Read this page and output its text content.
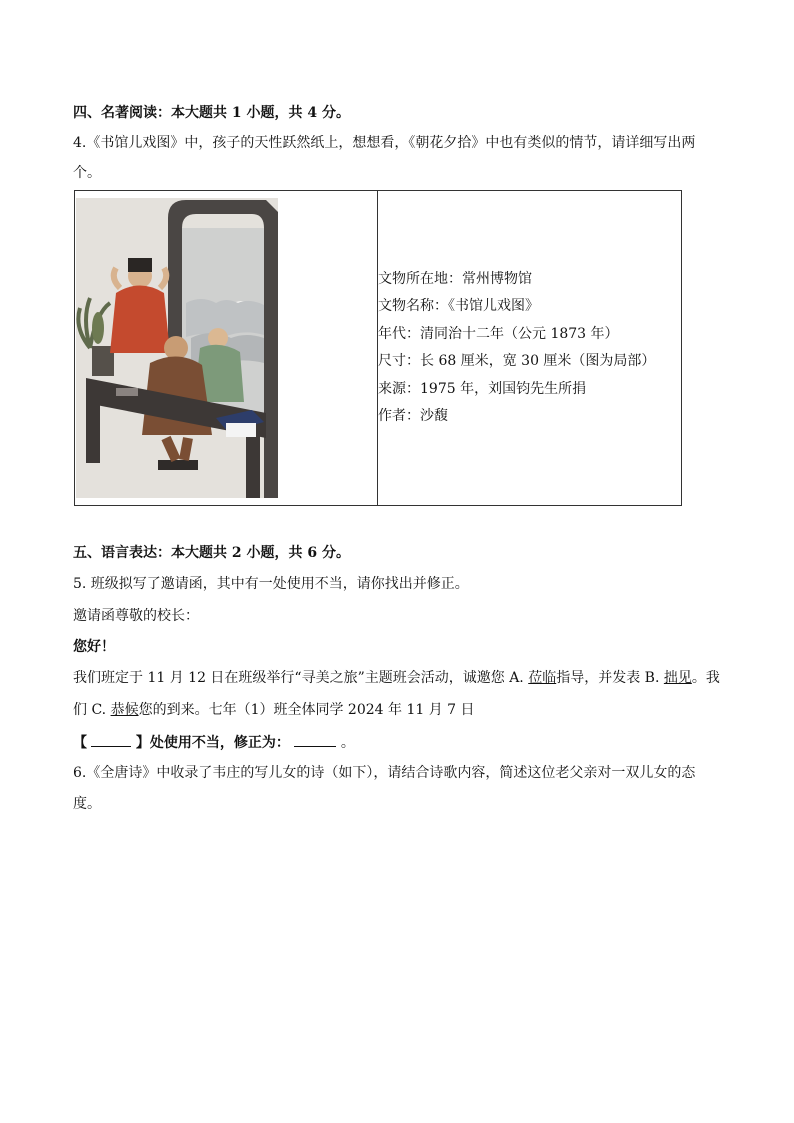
四、名著阅读：本大题共 1 小题，共 4 分。
4.《书馆儿戏图》中，孩子的天性跃然纸上，想想看，《朝花夕拾》中也有类似的情节，请详细写出两
个。

文物所在地：常州博物馆
文物名称：《书馆儿戏图》
年代：清同治十二年（公元 1873 年）
尺寸：长 68 厘米，宽 30 厘米（图为局部）
来源：1975 年，刘国钧先生所捐
作者：沙馥
五、语言表达：本大题共 2 小题，共 6 分。
5. 班级拟写了邀请函，其中有一处使用不当，请你找出并修正。
邀请函尊敬的校长：
您好！
我们班定于 11 月 12 日在班级举行“寻美之旅”主题班会活动，诚邀您 A. 莅临指导，并发表 B. 拙见。我
们 C. 恭候您的到来。七年（1）班全体同学 2024 年 11 月 7 日
【	】处使用不当，修正为：	。
6.《全唐诗》中收录了韦庄的写儿女的诗（如下），请结合诗歌内容，简述这位老父亲对一双儿女的态
度。
